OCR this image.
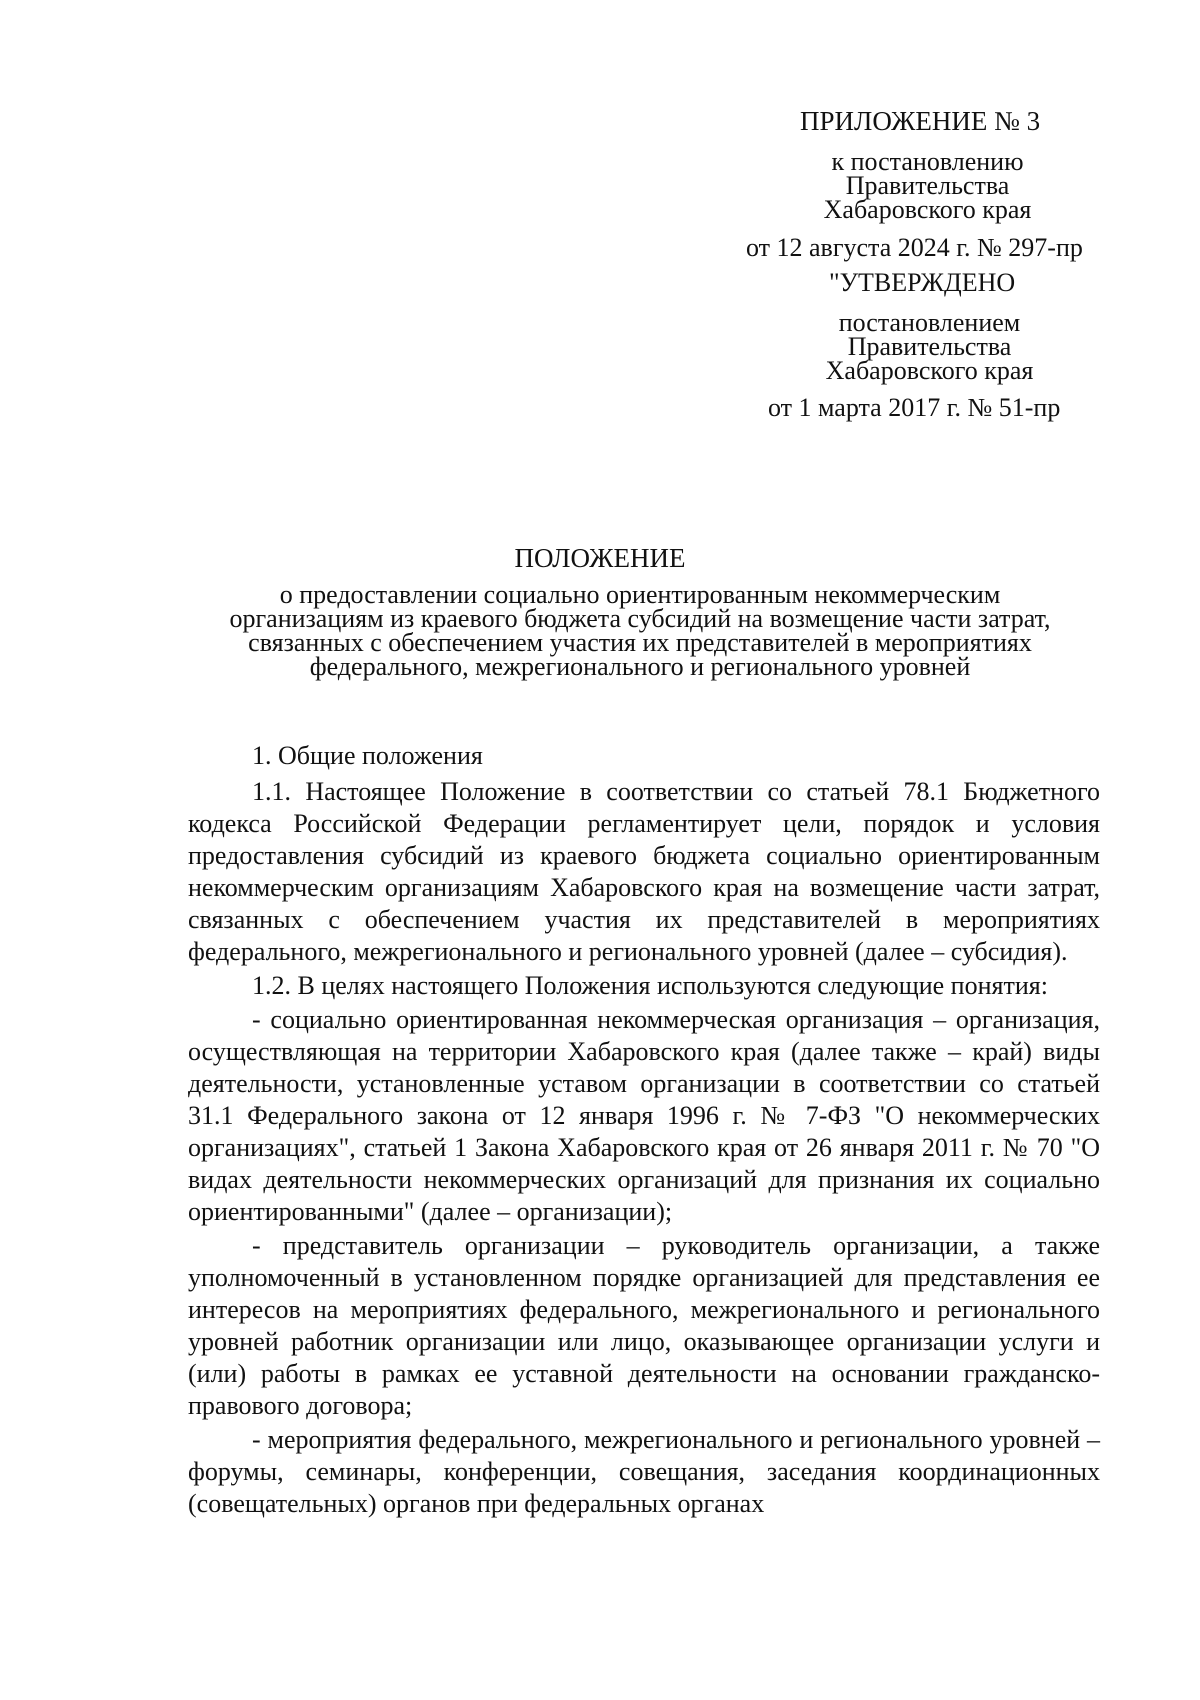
ПРИЛОЖЕНИЕ № 3
к постановлению
Правительства
Хабаровского края
от 12 августа 2024 г. № 297-пр
"УТВЕРЖДЕНО
постановлением
Правительства
Хабаровского края
от 1 марта 2017 г. № 51-пр
ПОЛОЖЕНИЕ
о предоставлении социально ориентированным некоммерческим
организациям из краевого бюджета субсидий на возмещение части затрат,
связанных с обеспечением участия их представителей в мероприятиях
федерального, межрегионального и регионального уровней
1. Общие положения

1.1. Настоящее Положение в соответствии со статьей 78.1 Бюджетного кодекса Российской Федерации регламентирует цели, порядок и условия предоставления субсидий из краевого бюджета социально ориентированным некоммерческим организациям Хабаровского края на возмещение части затрат, связанных с обеспечением участия их представителей в мероприятиях федерального, межрегионального и регионального уровней (далее – субсидия).

1.2. В целях настоящего Положения используются следующие понятия:

- социально ориентированная некоммерческая организация – организация, осуществляющая на территории Хабаровского края (далее также – край) виды деятельности, установленные уставом организации в соответствии со статьей 31.1 Федерального закона от 12 января 1996 г. № 7-ФЗ "О некоммерческих организациях", статьей 1 Закона Хабаровского края от 26 января 2011 г. № 70 "О видах деятельности некоммерческих организаций для признания их социально ориентированными" (далее – организации);

- представитель организации – руководитель организации, а также уполномоченный в установленном порядке организацией для представления ее интересов на мероприятиях федерального, межрегионального и регионального уровней работник организации или лицо, оказывающее организации услуги и (или) работы в рамках ее уставной деятельности на основании гражданско-правового договора;

- мероприятия федерального, межрегионального и регионального уровней – форумы, семинары, конференции, совещания, заседания координационных (совещательных) органов при федеральных органах
